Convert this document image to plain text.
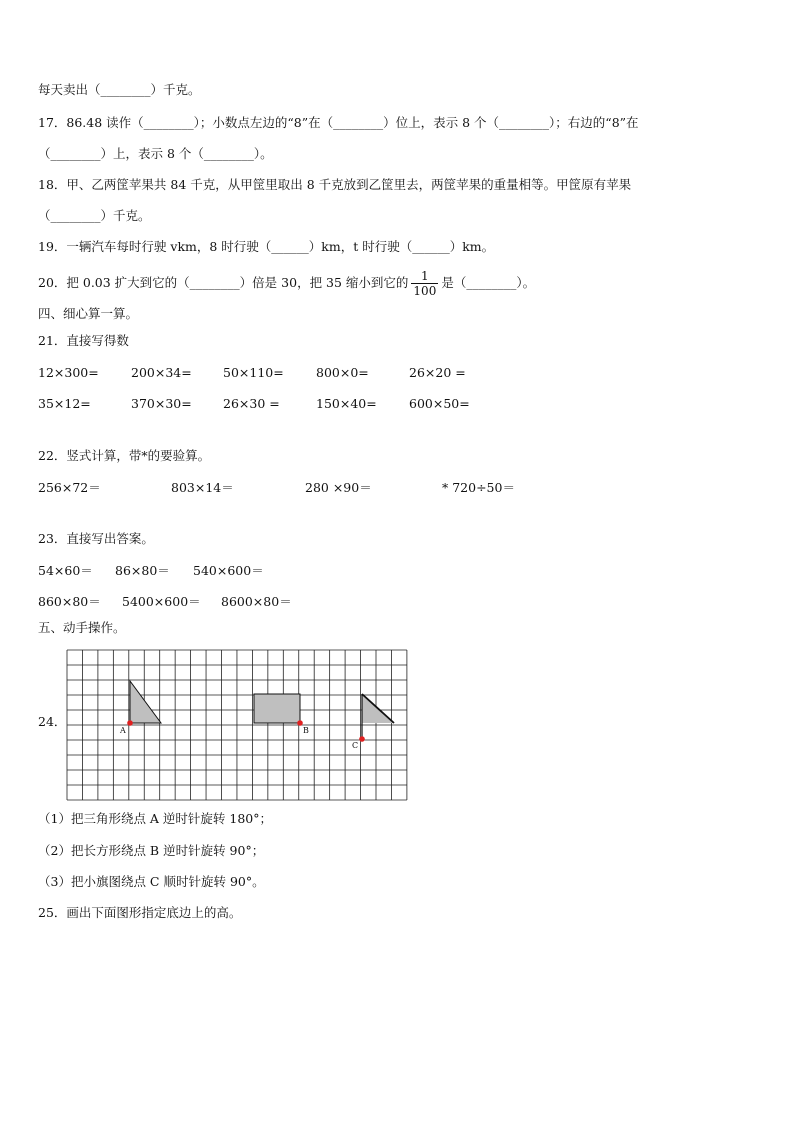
每天卖出（________）千克。
17．86.48 读作（________）；小数点左边的“8”在（________）位上，表示 8 个（________）；右边的“8”在
（________）上，表示 8 个（________）。
18．甲、乙两筐苹果共 84 千克，从甲筐里取出 8 千克放到乙筐里去，两筐苹果的重量相等。甲筐原有苹果
（________）千克。
19．一辆汽车每时行驶 vkm，8 时行驶（______）km，t 时行驶（______）km。
20．把 0.03 扩大到它的（________）倍是 30，把 35 缩小到它的 $\frac{1}{100}$ 是（________）。
四、细心算一算。
21．直接写得数
12×300=	200×34=	50×110=	800×0=	26×20 =
35×12=	370×30=	26×30 =	150×40=	600×50=
22．竖式计算，带*的要验算。
256×72＝	803×14＝	280 ×90＝	* 720÷50＝
23．直接写出答案。
54×60＝ 86×80＝ 540×600＝
860×80＝ 5400×600＝ 8600×80＝
五、动手操作。
24．
A	B
C
（1）把三角形绕点 A 逆时针旋转 180°；
（2）把长方形绕点 B 逆时针旋转 90°；
（3）把小旗图绕点 C 顺时针旋转 90°。
25．画出下面图形指定底边上的高。
